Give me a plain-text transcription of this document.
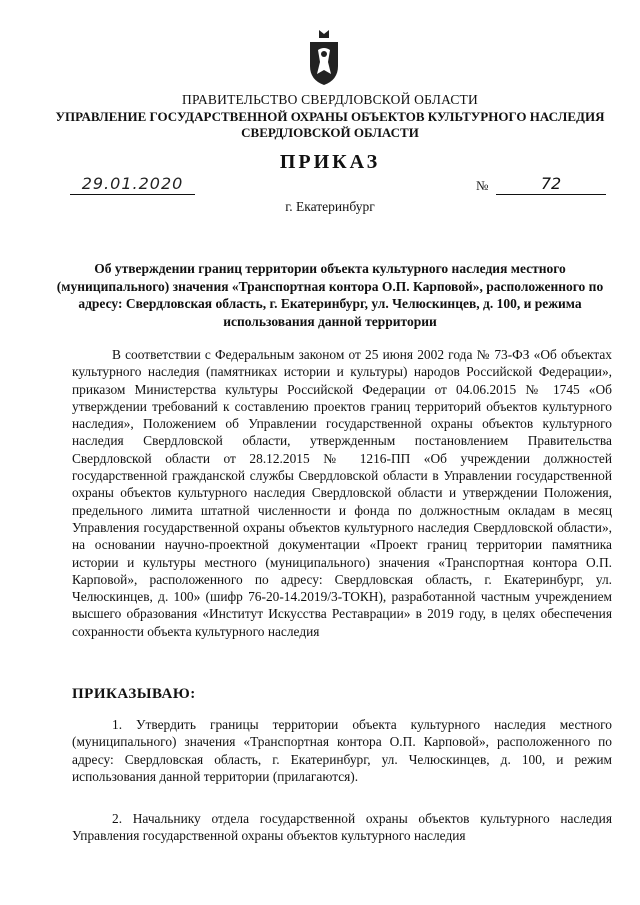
ПРАВИТЕЛЬСТВО СВЕРДЛОВСКОЙ ОБЛАСТИ
УПРАВЛЕНИЕ ГОСУДАРСТВЕННОЙ ОХРАНЫ ОБЪЕКТОВ КУЛЬТУРНОГО НАСЛЕДИЯ СВЕРДЛОВСКОЙ ОБЛАСТИ
ПРИКАЗ
29.01.2020	№	72
г. Екатеринбург
Об утверждении границ территории объекта культурного наследия местного (муниципального) значения «Транспортная контора О.П. Карповой», расположенного по адресу: Свердловская область, г. Екатеринбург, ул. Челюскинцев, д. 100, и режима использования данной территории

В соответствии с Федеральным законом от 25 июня 2002 года № 73-ФЗ «Об объектах культурного наследия (памятниках истории и культуры) народов Российской Федерации», приказом Министерства культуры Российской Федерации от 04.06.2015 № 1745 «Об утверждении требований к составлению проектов границ территорий объектов культурного наследия», Положением об Управлении государственной охраны объектов культурного наследия Свердловской области, утвержденным постановлением Правительства Свердловской области от 28.12.2015 № 1216-ПП «Об учреждении должностей государственной гражданской службы Свердловской области в Управлении государственной охраны объектов культурного наследия Свердловской области и утверждении Положения, предельного лимита штатной численности и фонда по должностным окладам в месяц Управления государственной охраны объектов культурного наследия Свердловской области», на основании научно-проектной документации «Проект границ территории памятника истории и культуры местного (муниципального) значения «Транспортная контора О.П. Карповой», расположенного по адресу: Свердловская область, г. Екатеринбург, ул. Челюскинцев, д. 100» (шифр 76-20-14.2019/3-ТОКН), разработанной частным учреждением высшего образования «Институт Искусства Реставрации» в 2019 году, в целях обеспечения сохранности объекта культурного наследия

ПРИКАЗЫВАЮ:

1. Утвердить границы территории объекта культурного наследия местного (муниципального) значения «Транспортная контора О.П. Карповой», расположенного по адресу: Свердловская область, г. Екатеринбург, ул. Челюскинцев, д. 100, и режим использования данной территории (прилагаются).

2. Начальнику отдела государственной охраны объектов культурного наследия Управления государственной охраны объектов культурного наследия
